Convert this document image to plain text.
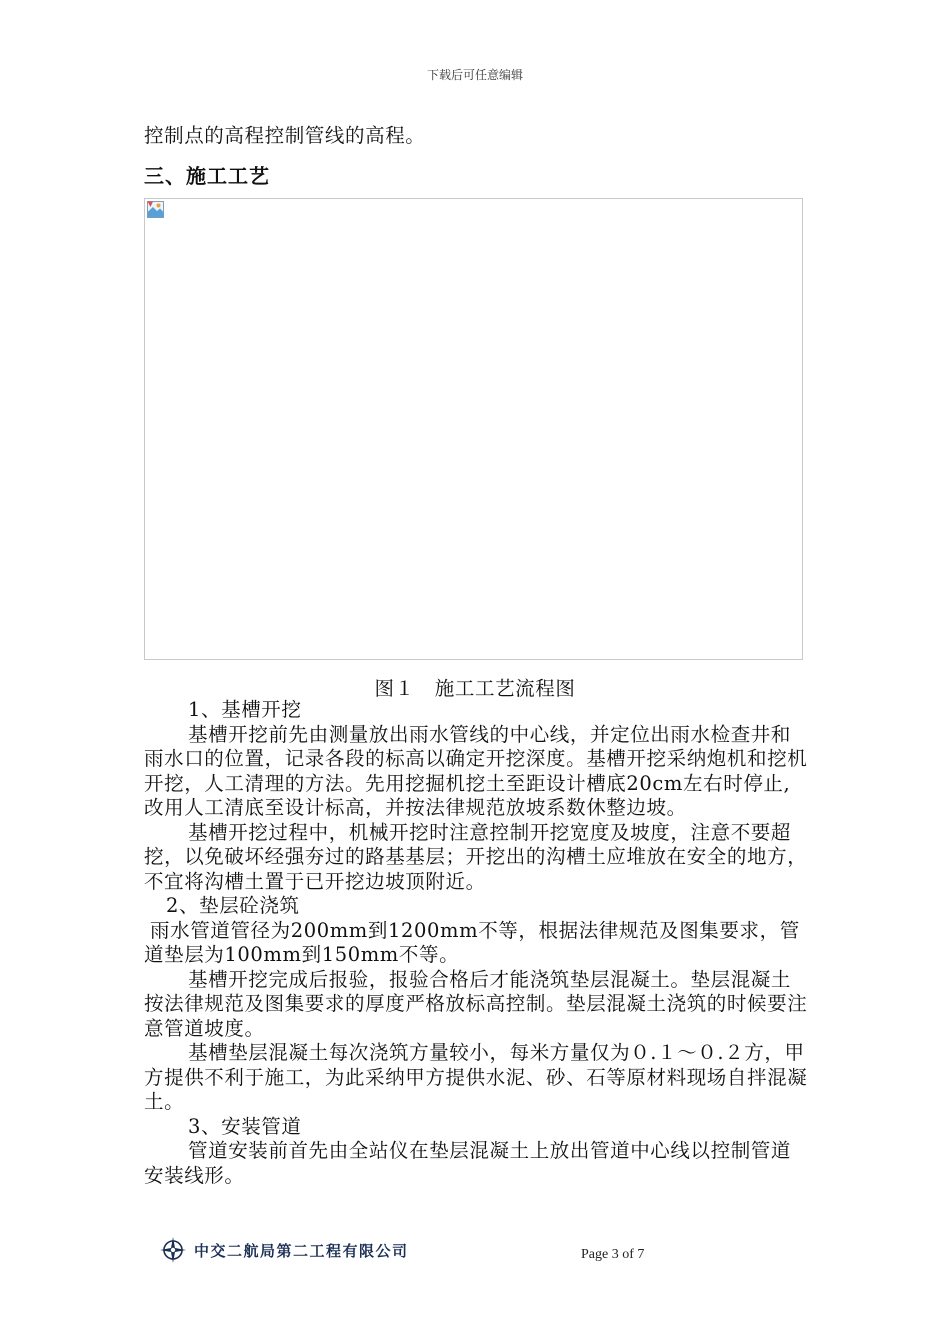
下载后可任意编辑

控制点的高程控制管线的高程。

三、施工工艺
图１　施工工艺流程图

1、基槽开挖

基槽开挖前先由测量放出雨水管线的中心线，并定位出雨水检查井和雨水口的位置，记录各段的标高以确定开挖深度。基槽开挖采纳炮机和挖机开挖，人工清理的方法。先用挖掘机挖土至距设计槽底20cm左右时停止,改用人工清底至设计标高，并按法律规范放坡系数休整边坡。

基槽开挖过程中，机械开挖时注意控制开挖宽度及坡度，注意不要超挖，以免破坏经强夯过的路基基层；开挖出的沟槽土应堆放在安全的地方，不宜将沟槽土置于已开挖边坡顶附近。

2、垫层砼浇筑

雨水管道管径为200mm到1200mm不等，根据法律规范及图集要求，管道垫层为100mm到150mm不等。

基槽开挖完成后报验，报验合格后才能浇筑垫层混凝土。垫层混凝土按法律规范及图集要求的厚度严格放标高控制。垫层混凝土浇筑的时候要注意管道坡度。

基槽垫层混凝土每次浇筑方量较小，每米方量仅为０.１～０.２方，甲方提供不利于施工，为此采纳甲方提供水泥、砂、石等原材料现场自拌混凝土。

3、安装管道

管道安装前首先由全站仪在垫层混凝土上放出管道中心线以控制管道安装线形。

中交二航局第二工程有限公司	Page 3 of 7
